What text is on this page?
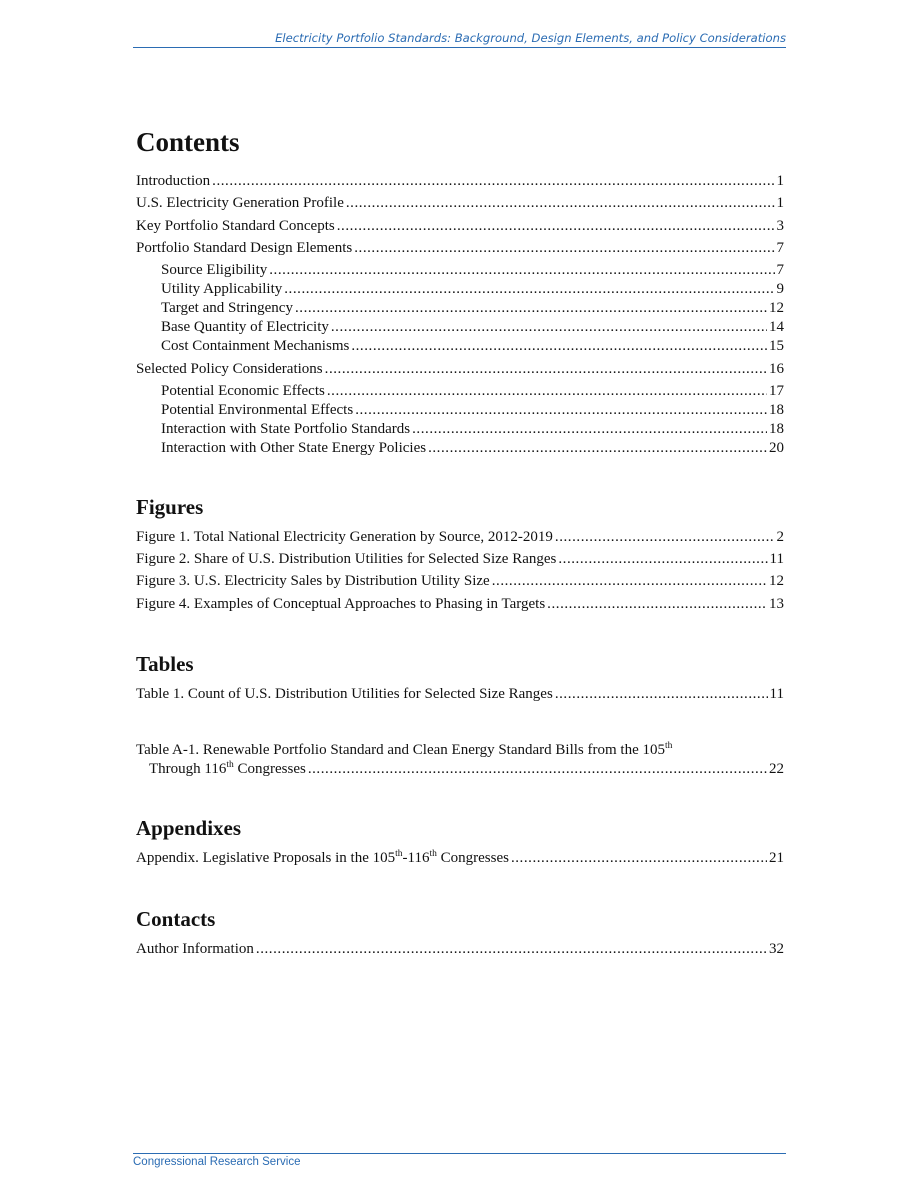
Electricity Portfolio Standards: Background, Design Elements, and Policy Considerations
Contents
Introduction . . .	1
U.S. Electricity Generation Profile . . .	1
Key Portfolio Standard Concepts . . .	3
Portfolio Standard Design Elements . . .	7
Source Eligibility . . .	7
Utility Applicability . . .	9
Target and Stringency . . .	12
Base Quantity of Electricity . . .	14
Cost Containment Mechanisms . . .	15
Selected Policy Considerations . . .	16
Potential Economic Effects . . .	17
Potential Environmental Effects . . .	18
Interaction with State Portfolio Standards . . .	18
Interaction with Other State Energy Policies . . .	20
Figures
Figure 1. Total National Electricity Generation by Source, 2012-2019 . . .	2
Figure 2. Share of U.S. Distribution Utilities for Selected Size Ranges . . .	11
Figure 3. U.S. Electricity Sales by Distribution Utility Size . . .	12
Figure 4. Examples of Conceptual Approaches to Phasing in Targets . . .	13
Tables
Table 1. Count of U.S. Distribution Utilities for Selected Size Ranges . . .	11
Table A-1. Renewable Portfolio Standard and Clean Energy Standard Bills from the 105th
Through 116th Congresses . . .	22
Appendixes
Appendix. Legislative Proposals in the 105th-116th Congresses . . .	21
Contacts
Author Information . . .	32
Congressional Research Service
